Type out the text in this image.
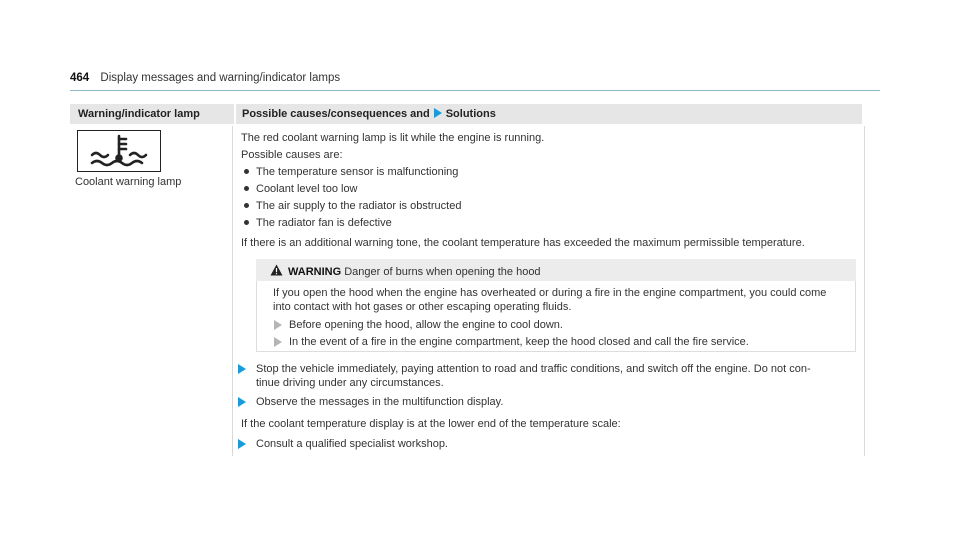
464 Display messages and warning/indicator lamps
Warning/indicator lamp	Possible causes/consequences and Solutions
Coolant warning lamp
The red coolant warning lamp is lit while the engine is running.
Possible causes are:
The temperature sensor is malfunctioning
Coolant level too low
The air supply to the radiator is obstructed
The radiator fan is defective
If there is an additional warning tone, the coolant temperature has exceeded the maximum permissible temperature.
WARNING Danger of burns when opening the hood
If you open the hood when the engine has overheated or during a fire in the engine compartment, you could come
into contact with hot gases or other escaping operating fluids.
Before opening the hood, allow the engine to cool down.
In the event of a fire in the engine compartment, keep the hood closed and call the fire service.
Stop the vehicle immediately, paying attention to road and traffic conditions, and switch off the engine. Do not con-
tinue driving under any circumstances.
Observe the messages in the multifunction display.
If the coolant temperature display is at the lower end of the temperature scale:
Consult a qualified specialist workshop.
